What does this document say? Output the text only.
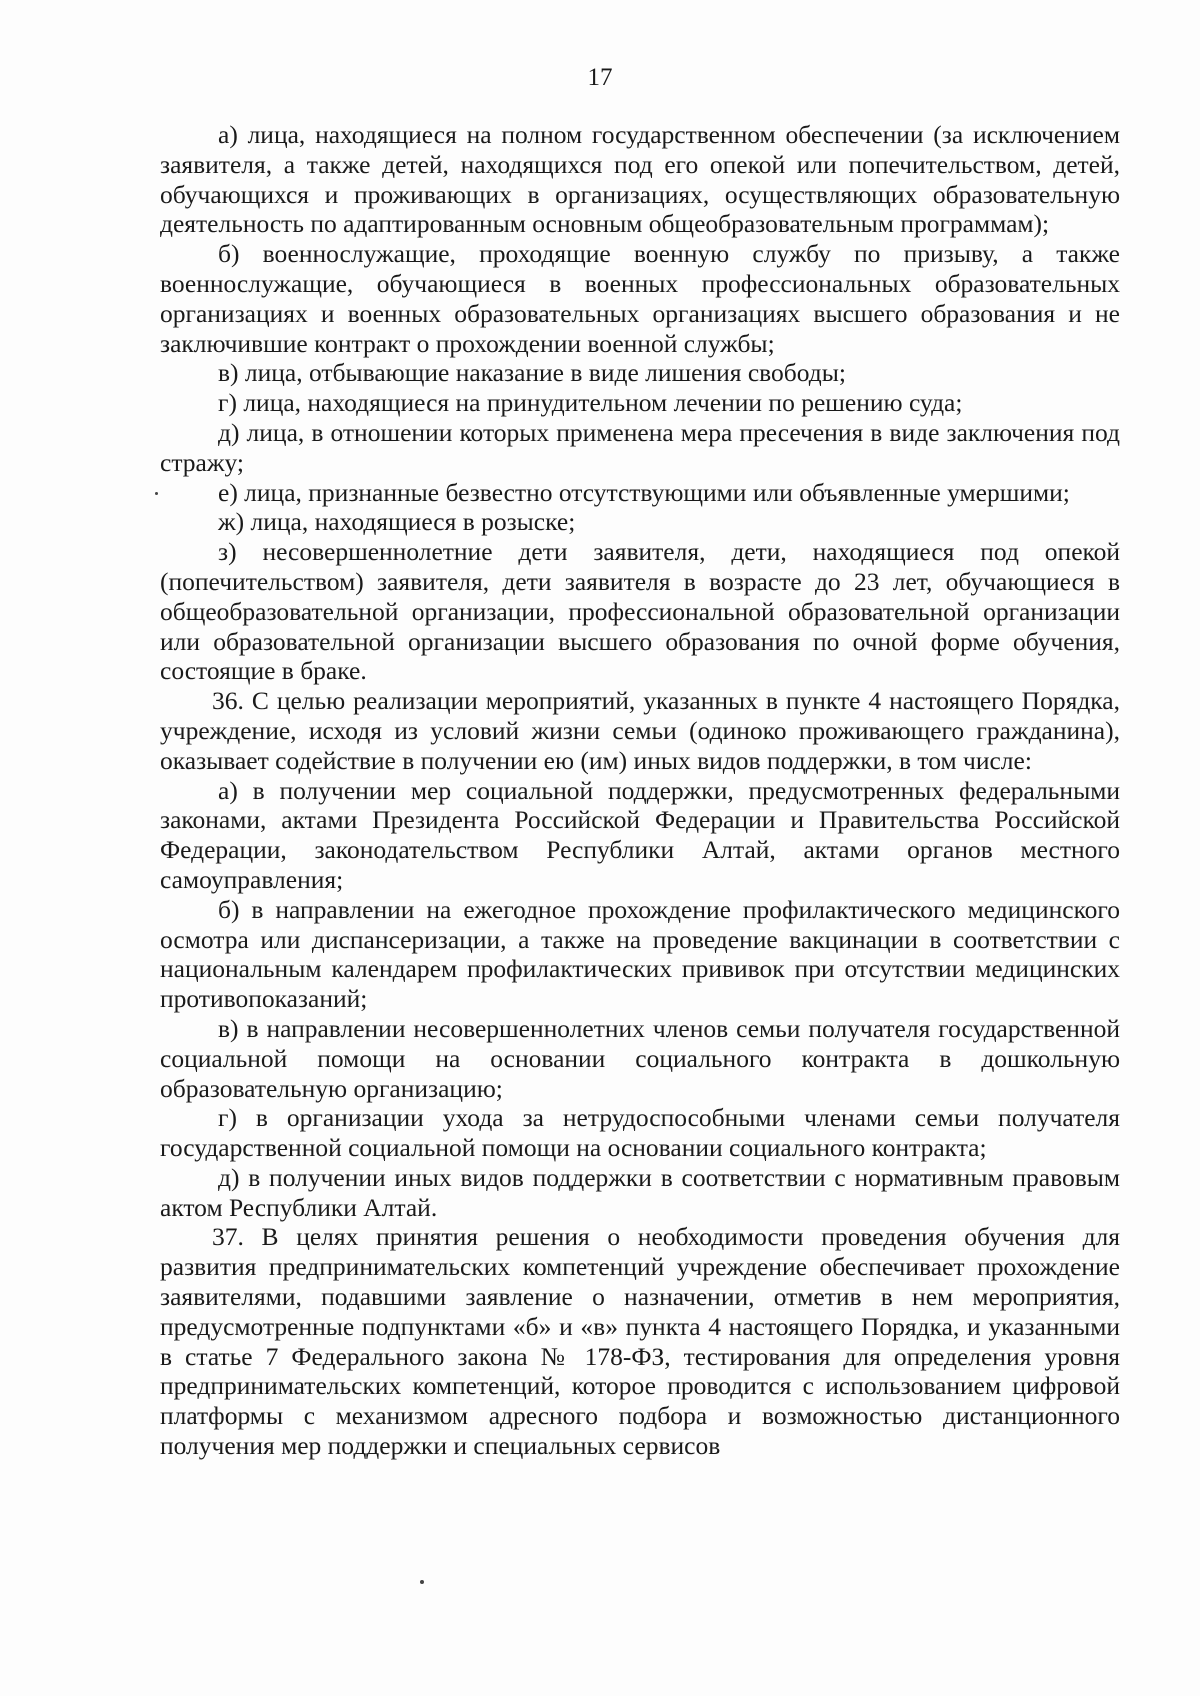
17

а) лица, находящиеся на полном государственном обеспечении (за исключением заявителя, а также детей, находящихся под его опекой или попечительством, детей, обучающихся и проживающих в организациях, осуществляющих образовательную деятельность по адаптированным основным общеобразовательным программам);

б) военнослужащие, проходящие военную службу по призыву, а также военнослужащие, обучающиеся в военных профессиональных образовательных организациях и военных образовательных организациях высшего образования и не заключившие контракт о прохождении военной службы;

в) лица, отбывающие наказание в виде лишения свободы;

г) лица, находящиеся на принудительном лечении по решению суда;

д) лица, в отношении которых применена мера пресечения в виде заключения под стражу;

е) лица, признанные безвестно отсутствующими или объявленные умершими;

ж) лица, находящиеся в розыске;

з) несовершеннолетние дети заявителя, дети, находящиеся под опекой (попечительством) заявителя, дети заявителя в возрасте до 23 лет, обучающиеся в общеобразовательной организации, профессиональной образовательной организации или образовательной организации высшего образования по очной форме обучения, состоящие в браке.

36. С целью реализации мероприятий, указанных в пункте 4 настоящего Порядка, учреждение, исходя из условий жизни семьи (одиноко проживающего гражданина), оказывает содействие в получении ею (им) иных видов поддержки, в том числе:

а) в получении мер социальной поддержки, предусмотренных федеральными законами, актами Президента Российской Федерации и Правительства Российской Федерации, законодательством Республики Алтай, актами органов местного самоуправления;

б) в направлении на ежегодное прохождение профилактического медицинского осмотра или диспансеризации, а также на проведение вакцинации в соответствии с национальным календарем профилактических прививок при отсутствии медицинских противопоказаний;

в) в направлении несовершеннолетних членов семьи получателя государственной социальной помощи на основании социального контракта в дошкольную образовательную организацию;

г) в организации ухода за нетрудоспособными членами семьи получателя государственной социальной помощи на основании социального контракта;

д) в получении иных видов поддержки в соответствии с нормативным правовым актом Республики Алтай.

37. В целях принятия решения о необходимости проведения обучения для развития предпринимательских компетенций учреждение обеспечивает прохождение заявителями, подавшими заявление о назначении, отметив в нем мероприятия, предусмотренные подпунктами «б» и «в» пункта 4 настоящего Порядка, и указанными в статье 7 Федерального закона № 178-ФЗ, тестирования для определения уровня предпринимательских компетенций, которое проводится с использованием цифровой платформы с механизмом адресного подбора и возможностью дистанционного получения мер поддержки и специальных сервисов
